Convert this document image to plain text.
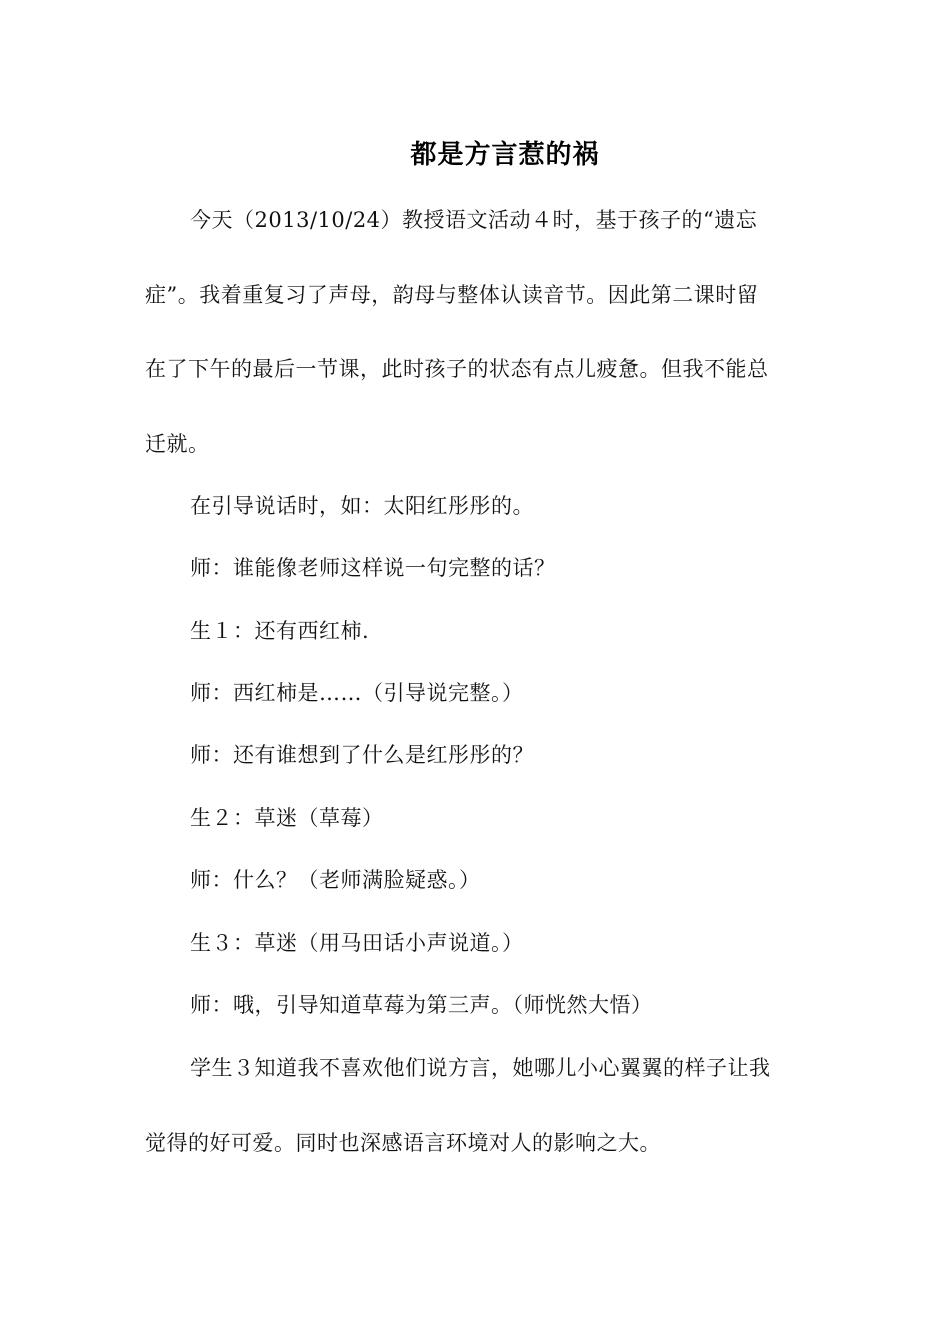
都是方言惹的祸
今天（2013/10/24）教授语文活动４时，基于孩子的“遗忘
症”。我着重复习了声母，韵母与整体认读音节。因此第二课时留
在了下午的最后一节课，此时孩子的状态有点儿疲惫。但我不能总
迁就。
在引导说话时，如：太阳红彤彤的。
师：谁能像老师这样说一句完整的话？
生１：还有西红柿.
师：西红柿是……（引导说完整。）
师：还有谁想到了什么是红彤彤的？
生２：草迷（草莓）
师：什么？（老师满脸疑惑。）
生３：草迷（用马田话小声说道。）
师：哦，引导知道草莓为第三声。（师恍然大悟）
学生３知道我不喜欢他们说方言，她哪儿小心翼翼的样子让我
觉得的好可爱。同时也深感语言环境对人的影响之大。
